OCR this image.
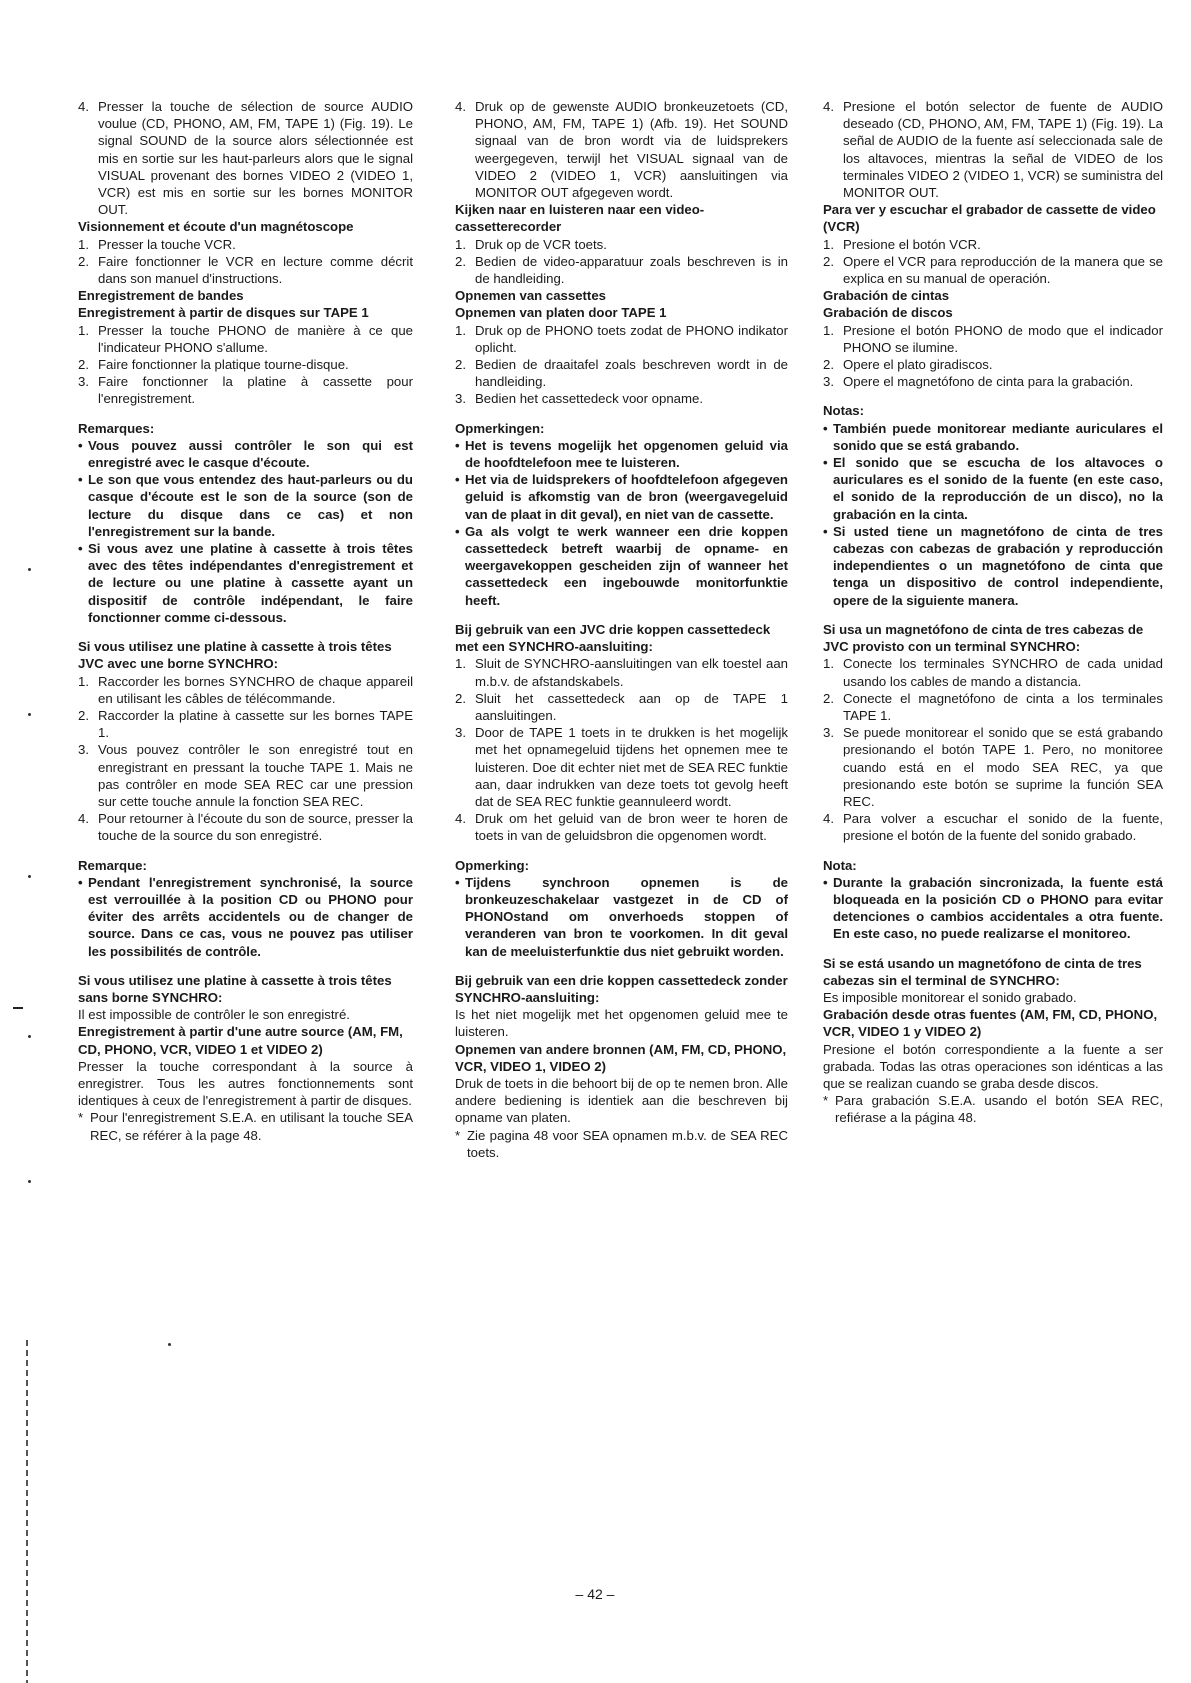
4. Presser la touche de sélection de source AUDIO voulue (CD, PHONO, AM, FM, TAPE 1) (Fig. 19). Le signal SOUND de la source alors sélectionnée est mis en sortie sur les haut-parleurs alors que le signal VISUAL provenant des bornes VIDEO 2 (VIDEO 1, VCR) est mis en sortie sur les bornes MONITOR OUT.
Visionnement et écoute d'un magnétoscope
1. Presser la touche VCR.
2. Faire fonctionner le VCR en lecture comme décrit dans son manuel d'instructions.
Enregistrement de bandes
Enregistrement à partir de disques sur TAPE 1
1. Presser la touche PHONO de manière à ce que l'indicateur PHONO s'allume.
2. Faire fonctionner la platique tourne-disque.
3. Faire fonctionner la platine à cassette pour l'enregistrement.
Remarques:
• Vous pouvez aussi contrôler le son qui est enregistré avec le casque d'écoute.
• Le son que vous entendez des haut-parleurs ou du casque d'écoute est le son de la source (son de lecture du disque dans ce cas) et non l'enregistrement sur la bande.
• Si vous avez une platine à cassette à trois têtes avec des têtes indépendantes d'enregistrement et de lecture ou une platine à cassette ayant un dispositif de contrôle indépendant, le faire fonctionner comme ci-dessous.
Si vous utilisez une platine à cassette à trois têtes JVC avec une borne SYNCHRO:
1. Raccorder les bornes SYNCHRO de chaque appareil en utilisant les câbles de télécommande.
2. Raccorder la platine à cassette sur les bornes TAPE 1.
3. Vous pouvez contrôler le son enregistré tout en enregistrant en pressant la touche TAPE 1. Mais ne pas contrôler en mode SEA REC car une pression sur cette touche annule la fonction SEA REC.
4. Pour retourner à l'écoute du son de source, presser la touche de la source du son enregistré.
Remarque:
• Pendant l'enregistrement synchronisé, la source est verrouillée à la position CD ou PHONO pour éviter des arrêts accidentels ou de changer de source. Dans ce cas, vous ne pouvez pas utiliser les possibilités de contrôle.
Si vous utilisez une platine à cassette à trois têtes sans borne SYNCHRO:
Il est impossible de contrôler le son enregistré.
Enregistrement à partir d'une autre source (AM, FM, CD, PHONO, VCR, VIDEO 1 et VIDEO 2)
Presser la touche correspondant à la source à enregistrer. Tous les autres fonctionnements sont identiques à ceux de l'enregistrement à partir de disques.
* Pour l'enregistrement S.E.A. en utilisant la touche SEA REC, se référer à la page 48.
4. Druk op de gewenste AUDIO bronkeuzetoets (CD, PHONO, AM, FM, TAPE 1) (Afb. 19). Het SOUND signaal van de bron wordt via de luidsprekers weergegeven, terwijl het VISUAL signaal van de VIDEO 2 (VIDEO 1, VCR) aansluitingen via MONITOR OUT afgegeven wordt.
Kijken naar en luisteren naar een video-cassetterecorder
1. Druk op de VCR toets.
2. Bedien de video-apparatuur zoals beschreven is in de handleiding.
Opnemen van cassettes
Opnemen van platen door TAPE 1
1. Druk op de PHONO toets zodat de PHONO indikator oplicht.
2. Bedien de draaitafel zoals beschreven wordt in de handleiding.
3. Bedien het cassettedeck voor opname.
Opmerkingen:
• Het is tevens mogelijk het opgenomen geluid via de hoofdtelefoon mee te luisteren.
• Het via de luidsprekers of hoofdtelefoon afgegeven geluid is afkomstig van de bron (weergavegeluid van de plaat in dit geval), en niet van de cassette.
• Ga als volgt te werk wanneer een drie koppen cassettedeck betreft waarbij de opname- en weergavekoppen gescheiden zijn of wanneer het cassettedeck een ingebouwde monitorfunktie heeft.
Bij gebruik van een JVC drie koppen cassettedeck met een SYNCHRO-aansluiting:
1. Sluit de SYNCHRO-aansluitingen van elk toestel aan m.b.v. de afstandskabels.
2. Sluit het cassettedeck aan op de TAPE 1 aansluitingen.
3. Door de TAPE 1 toets in te drukken is het mogelijk met het opnamegeluid tijdens het opnemen mee te luisteren. Doe dit echter niet met de SEA REC funktie aan, daar indrukken van deze toets tot gevolg heeft dat de SEA REC funktie geannuleerd wordt.
4. Druk om het geluid van de bron weer te horen de toets in van de geluidsbron die opgenomen wordt.
Opmerking:
• Tijdens synchroon opnemen is de bronkeuzeschakelaar vastgezet in de CD of PHONOstand om onverhoeds stoppen of veranderen van bron te voorkomen. In dit geval kan de meeluisterfunktie dus niet gebruikt worden.
Bij gebruik van een drie koppen cassettedeck zonder SYNCHRO-aansluiting:
Is het niet mogelijk met het opgenomen geluid mee te luisteren.
Opnemen van andere bronnen (AM, FM, CD, PHONO, VCR, VIDEO 1, VIDEO 2)
Druk de toets in die behoort bij de op te nemen bron. Alle andere bediening is identiek aan die beschreven bij opname van platen.
* Zie pagina 48 voor SEA opnamen m.b.v. de SEA REC toets.
4. Presione el botón selector de fuente de AUDIO deseado (CD, PHONO, AM, FM, TAPE 1) (Fig. 19). La señal de AUDIO de la fuente así seleccionada sale de los altavoces, mientras la señal de VIDEO de los terminales VIDEO 2 (VIDEO 1, VCR) se suministra del MONITOR OUT.
Para ver y escuchar el grabador de cassette de video (VCR)
1. Presione el botón VCR.
2. Opere el VCR para reproducción de la manera que se explica en su manual de operación.
Grabación de cintas
Grabación de discos
1. Presione el botón PHONO de modo que el indicador PHONO se ilumine.
2. Opere el plato giradiscos.
3. Opere el magnetófono de cinta para la grabación.
Notas:
• También puede monitorear mediante auriculares el sonido que se está grabando.
• El sonido que se escucha de los altavoces o auriculares es el sonido de la fuente (en este caso, el sonido de la reproducción de un disco), no la grabación en la cinta.
• Si usted tiene un magnetófono de cinta de tres cabezas con cabezas de grabación y reproducción independientes o un magnetófono de cinta que tenga un dispositivo de control independiente, opere de la siguiente manera.
Si usa un magnetófono de cinta de tres cabezas de JVC provisto con un terminal SYNCHRO:
1. Conecte los terminales SYNCHRO de cada unidad usando los cables de mando a distancia.
2. Conecte el magnetófono de cinta a los terminales TAPE 1.
3. Se puede monitorear el sonido que se está grabando presionando el botón TAPE 1. Pero, no monitoree cuando está en el modo SEA REC, ya que presionando este botón se suprime la función SEA REC.
4. Para volver a escuchar el sonido de la fuente, presione el botón de la fuente del sonido grabado.
Nota:
• Durante la grabación sincronizada, la fuente está bloqueada en la posición CD o PHONO para evitar detenciones o cambios accidentales a otra fuente. En este caso, no puede realizarse el monitoreo.
Si se está usando un magnetófono de cinta de tres cabezas sin el terminal de SYNCHRO:
Es imposible monitorear el sonido grabado.
Grabación desde otras fuentes (AM, FM, CD, PHONO, VCR, VIDEO 1 y VIDEO 2)
Presione el botón correspondiente a la fuente a ser grabada. Todas las otras operaciones son idénticas a las que se realizan cuando se graba desde discos.
* Para grabación S.E.A. usando el botón SEA REC, refiérase a la página 48.
– 42 –
